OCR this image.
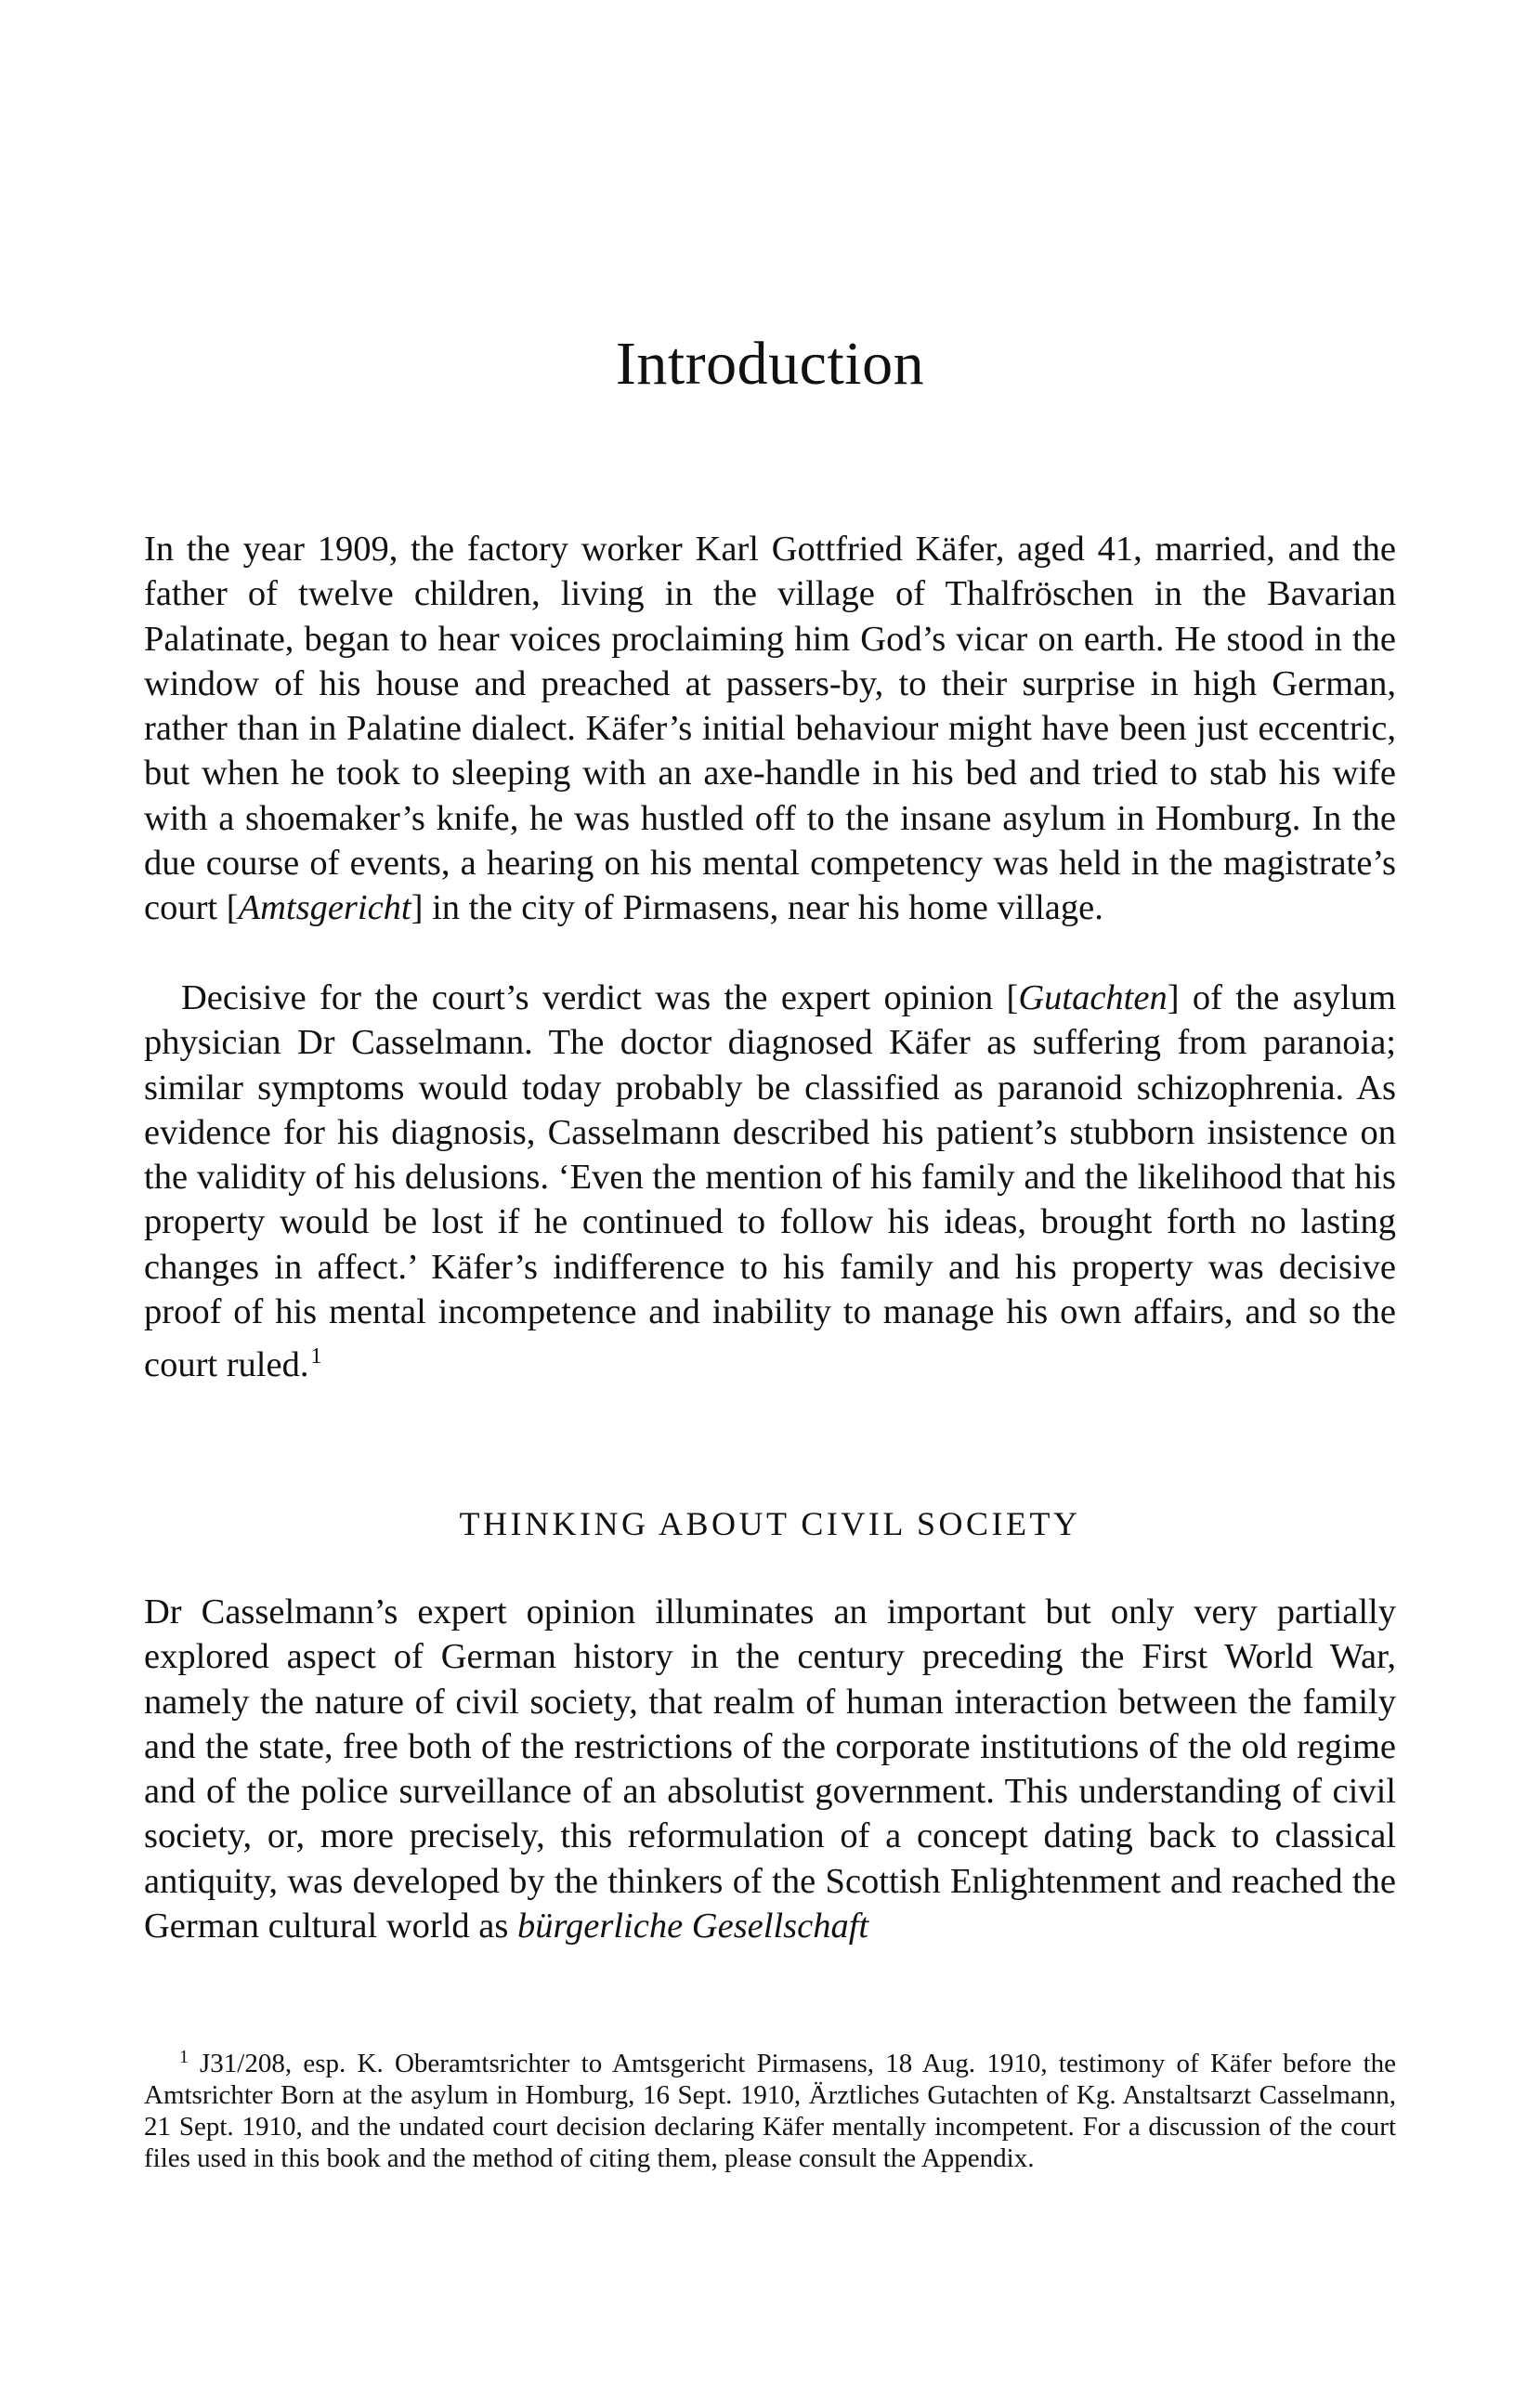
Introduction

In the year 1909, the factory worker Karl Gottfried Käfer, aged 41, married, and the father of twelve children, living in the village of Thalfröschen in the Bavarian Palatinate, began to hear voices proclaiming him God’s vicar on earth. He stood in the window of his house and preached at passers-by, to their surprise in high German, rather than in Palatine dialect. Käfer’s initial behaviour might have been just eccentric, but when he took to sleeping with an axe-handle in his bed and tried to stab his wife with a shoemaker’s knife, he was hustled off to the insane asylum in Homburg. In the due course of events, a hearing on his mental competency was held in the magistrate’s court [Amtsgericht] in the city of Pirmasens, near his home village.

Decisive for the court’s verdict was the expert opinion [Gutachten] of the asylum physician Dr Casselmann. The doctor diagnosed Käfer as suffering from paranoia; similar symptoms would today probably be classified as paranoid schizophrenia. As evidence for his diagnosis, Casselmann described his patient’s stubborn insistence on the validity of his delusions. ‘Even the mention of his family and the likelihood that his property would be lost if he continued to follow his ideas, brought forth no lasting changes in affect.’ Käfer’s indifference to his family and his property was decisive proof of his mental incompetence and inability to manage his own affairs, and so the court ruled.$^1$

THINKING ABOUT CIVIL SOCIETY

Dr Casselmann’s expert opinion illuminates an important but only very partially explored aspect of German history in the century preceding the First World War, namely the nature of civil society, that realm of human interaction between the family and the state, free both of the restrictions of the corporate institutions of the old regime and of the police surveillance of an absolutist government. This understanding of civil society, or, more precisely, this reformulation of a concept dating back to classical antiquity, was developed by the thinkers of the Scottish Enlightenment and reached the German cultural world as bürgerliche Gesellschaft

$^1$ J31/208, esp. K. Oberamtsrichter to Amtsgericht Pirmasens, 18 Aug. 1910, testimony of Käfer before the Amtsrichter Born at the asylum in Homburg, 16 Sept. 1910, Ärztliches Gutachten of Kg. Anstaltsarzt Casselmann, 21 Sept. 1910, and the undated court decision declaring Käfer mentally incompetent. For a discussion of the court files used in this book and the method of citing them, please consult the Appendix.
